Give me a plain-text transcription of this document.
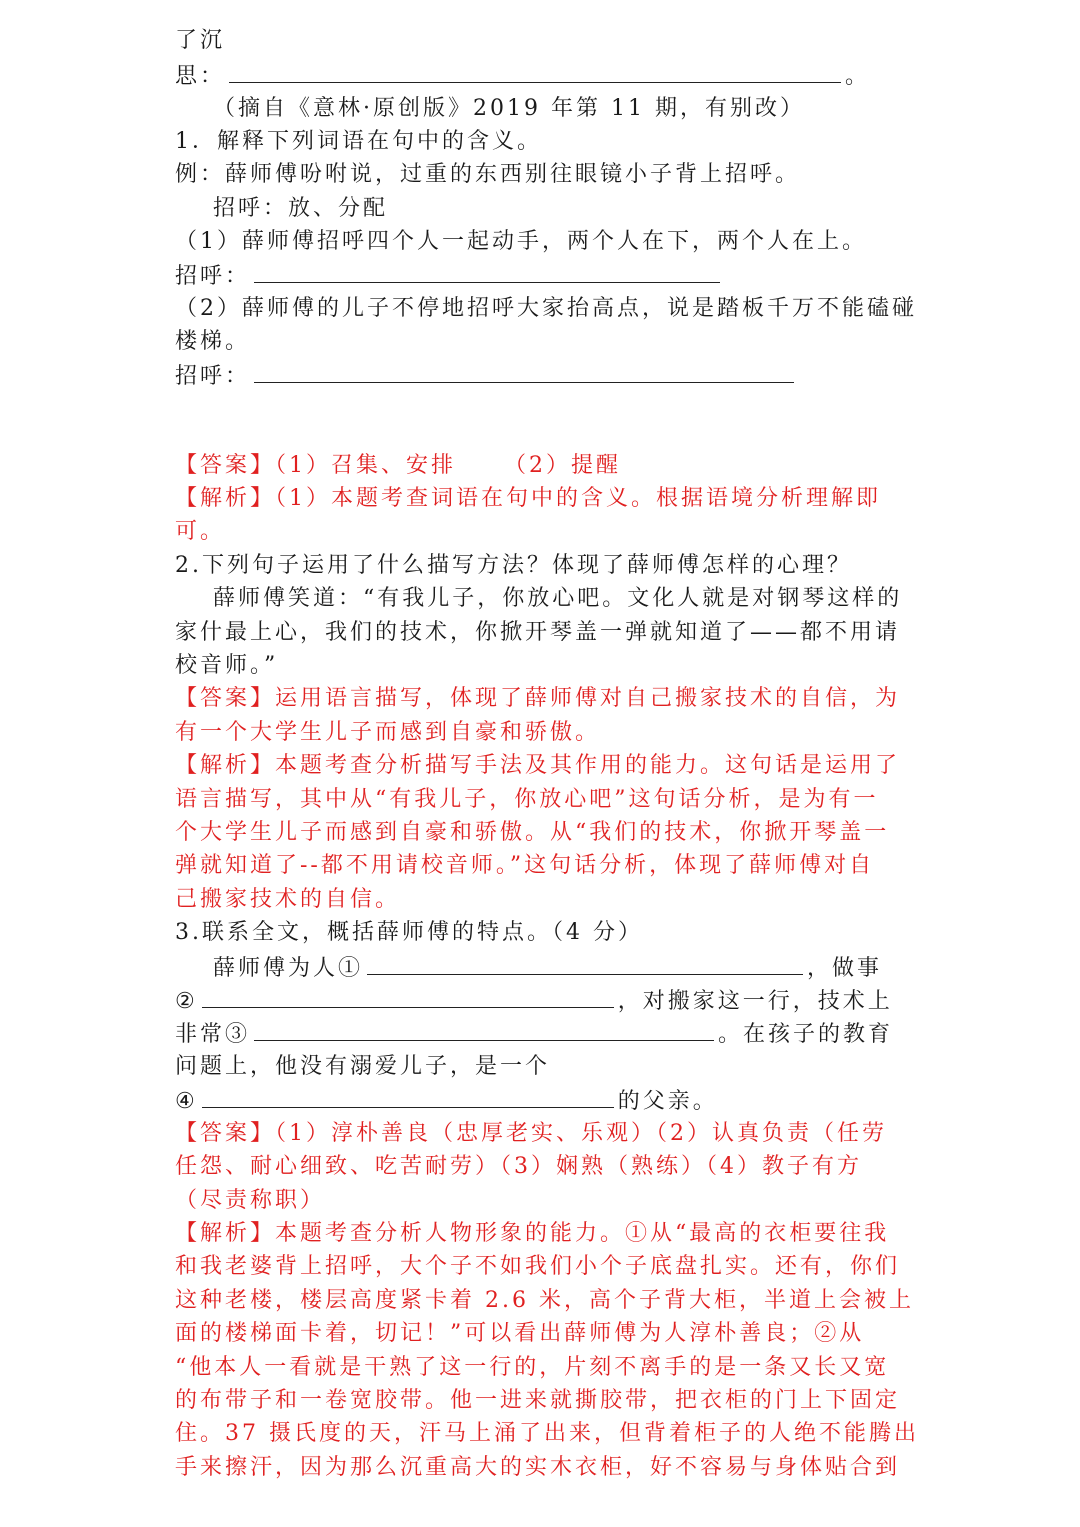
了沉

思：	。

（摘自《意林·原创版》2019 年第 11 期，有别改）

1．解释下列词语在句中的含义。

例：薛师傅吩咐说，过重的东西别往眼镜小子背上招呼。

招呼：放、分配

（1）薛师傅招呼四个人一起动手，两个人在下，两个人在上。

招呼：

（2）薛师傅的儿子不停地招呼大家抬高点，说是踏板千万不能磕碰

楼梯。

招呼：

【答案】（1）召集、安排 （2）提醒

【解析】（1）本题考查词语在句中的含义。根据语境分析理解即

可。

2.下列句子运用了什么描写方法？体现了薛师傅怎样的心理？

薛师傅笑道：“有我儿子，你放心吧。文化人就是对钢琴这样的

家什最上心，我们的技术，你掀开琴盖一弹就知道了——都不用请

校音师。”

【答案】运用语言描写，体现了薛师傅对自己搬家技术的自信，为

有一个大学生儿子而感到自豪和骄傲。

【解析】本题考查分析描写手法及其作用的能力。这句话是运用了

语言描写，其中从“有我儿子，你放心吧”这句话分析，是为有一

个大学生儿子而感到自豪和骄傲。从“我们的技术，你掀开琴盖一

弹就知道了--都不用请校音师。”这句话分析，体现了薛师傅对自

己搬家技术的自信。

3.联系全文，概括薛师傅的特点。（4 分）

薛师傅为人①	，做事

②	，对搬家这一行，技术上

非常③	。在孩子的教育

问题上，他没有溺爱儿子，是一个

④	的父亲。

【答案】（1）淳朴善良（忠厚老实、乐观）（2）认真负责（任劳

任怨、耐心细致、吃苦耐劳）（3）娴熟（熟练）（4）教子有方

（尽责称职）

【解析】本题考查分析人物形象的能力。①从“最高的衣柜要往我

和我老婆背上招呼，大个子不如我们小个子底盘扎实。还有，你们

这种老楼，楼层高度紧卡着 2.6 米，高个子背大柜，半道上会被上

面的楼梯面卡着，切记！”可以看出薛师傅为人淳朴善良；②从

“他本人一看就是干熟了这一行的，片刻不离手的是一条又长又宽

的布带子和一卷宽胶带。他一进来就撕胶带，把衣柜的门上下固定

住。37 摄氏度的天，汗马上涌了出来，但背着柜子的人绝不能腾出

手来擦汗，因为那么沉重高大的实木衣柜，好不容易与身体贴合到
